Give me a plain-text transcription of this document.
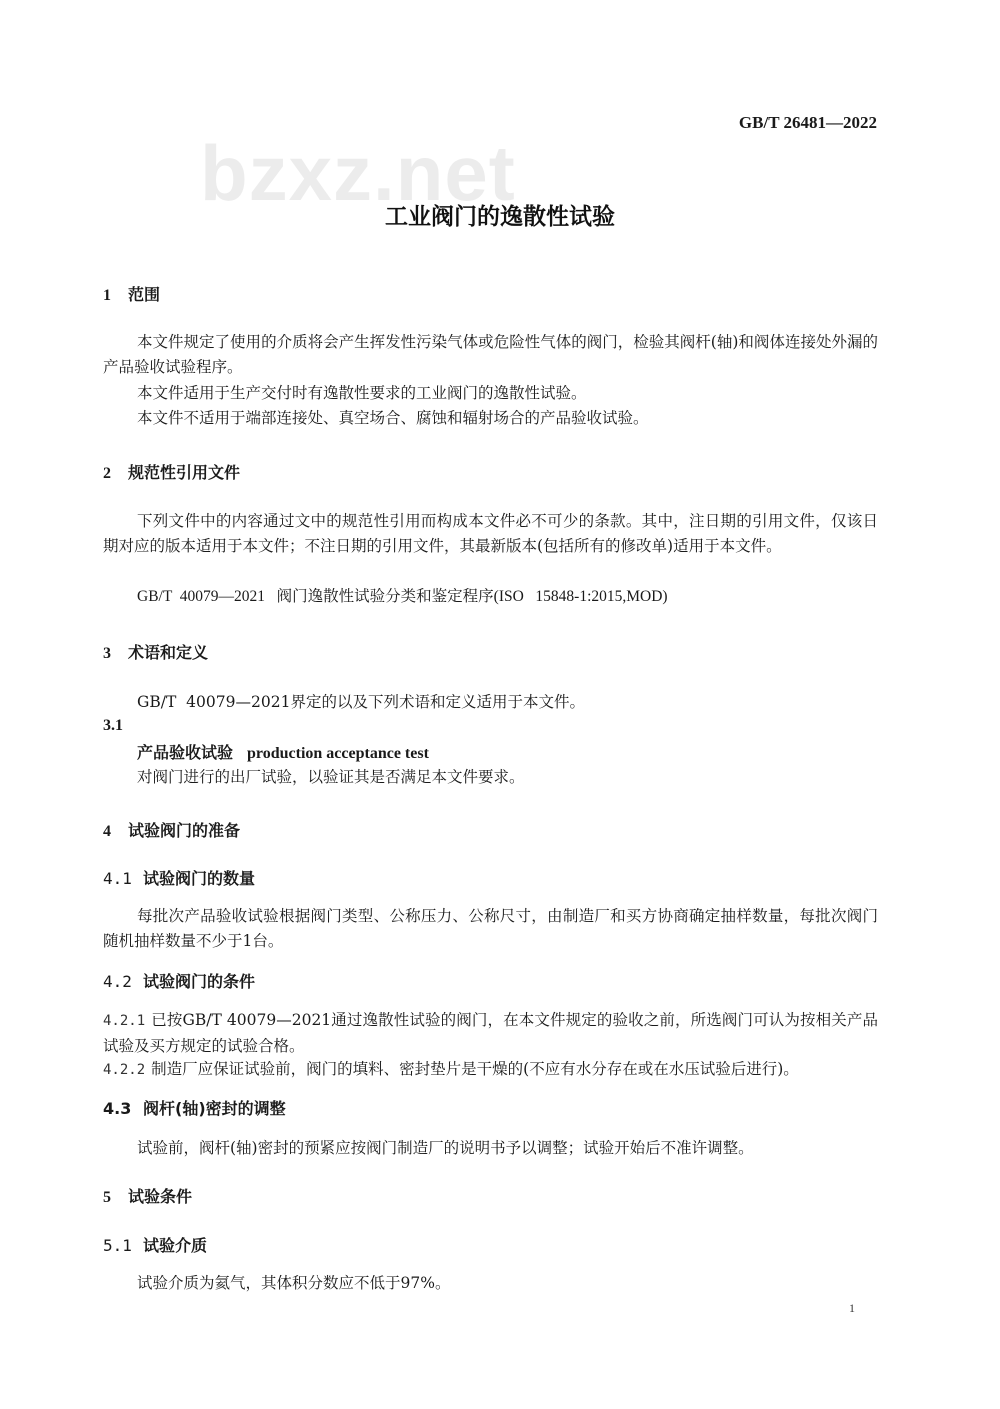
bzxz.net
GB/T 26481—2022
工业阀门的逸散性试验
1 范围
本文件规定了使用的介质将会产生挥发性污染气体或危险性气体的阀门，检验其阀杆(轴)和阀体连接处外漏的产品验收试验程序。
本文件适用于生产交付时有逸散性要求的工业阀门的逸散性试验。
本文件不适用于端部连接处、真空场合、腐蚀和辐射场合的产品验收试验。
2 规范性引用文件
下列文件中的内容通过文中的规范性引用而构成本文件必不可少的条款。其中，注日期的引用文件，仅该日期对应的版本适用于本文件；不注日期的引用文件，其最新版本(包括所有的修改单)适用于本文件。
GB/T  40079—2021   阀门逸散性试验分类和鉴定程序(ISO   15848-1:2015,MOD)
3 术语和定义
GB/T  40079—2021界定的以及下列术语和定义适用于本文件。
3.1
产品验收试验 production acceptance test
对阀门进行的出厂试验，以验证其是否满足本文件要求。
4 试验阀门的准备
4.1 试验阀门的数量
每批次产品验收试验根据阀门类型、公称压力、公称尺寸，由制造厂和买方协商确定抽样数量，每批次阀门随机抽样数量不少于1台。
4.2 试验阀门的条件
4.2.1 已按GB/T 40079—2021通过逸散性试验的阀门，在本文件规定的验收之前，所选阀门可认为按相关产品试验及买方规定的试验合格。
4.2.2 制造厂应保证试验前，阀门的填料、密封垫片是干燥的(不应有水分存在或在水压试验后进行)。
4.3 阀杆(轴)密封的调整
试验前，阀杆(轴)密封的预紧应按阀门制造厂的说明书予以调整；试验开始后不准许调整。
5 试验条件
5.1 试验介质
试验介质为氦气，其体积分数应不低于97%。
1
